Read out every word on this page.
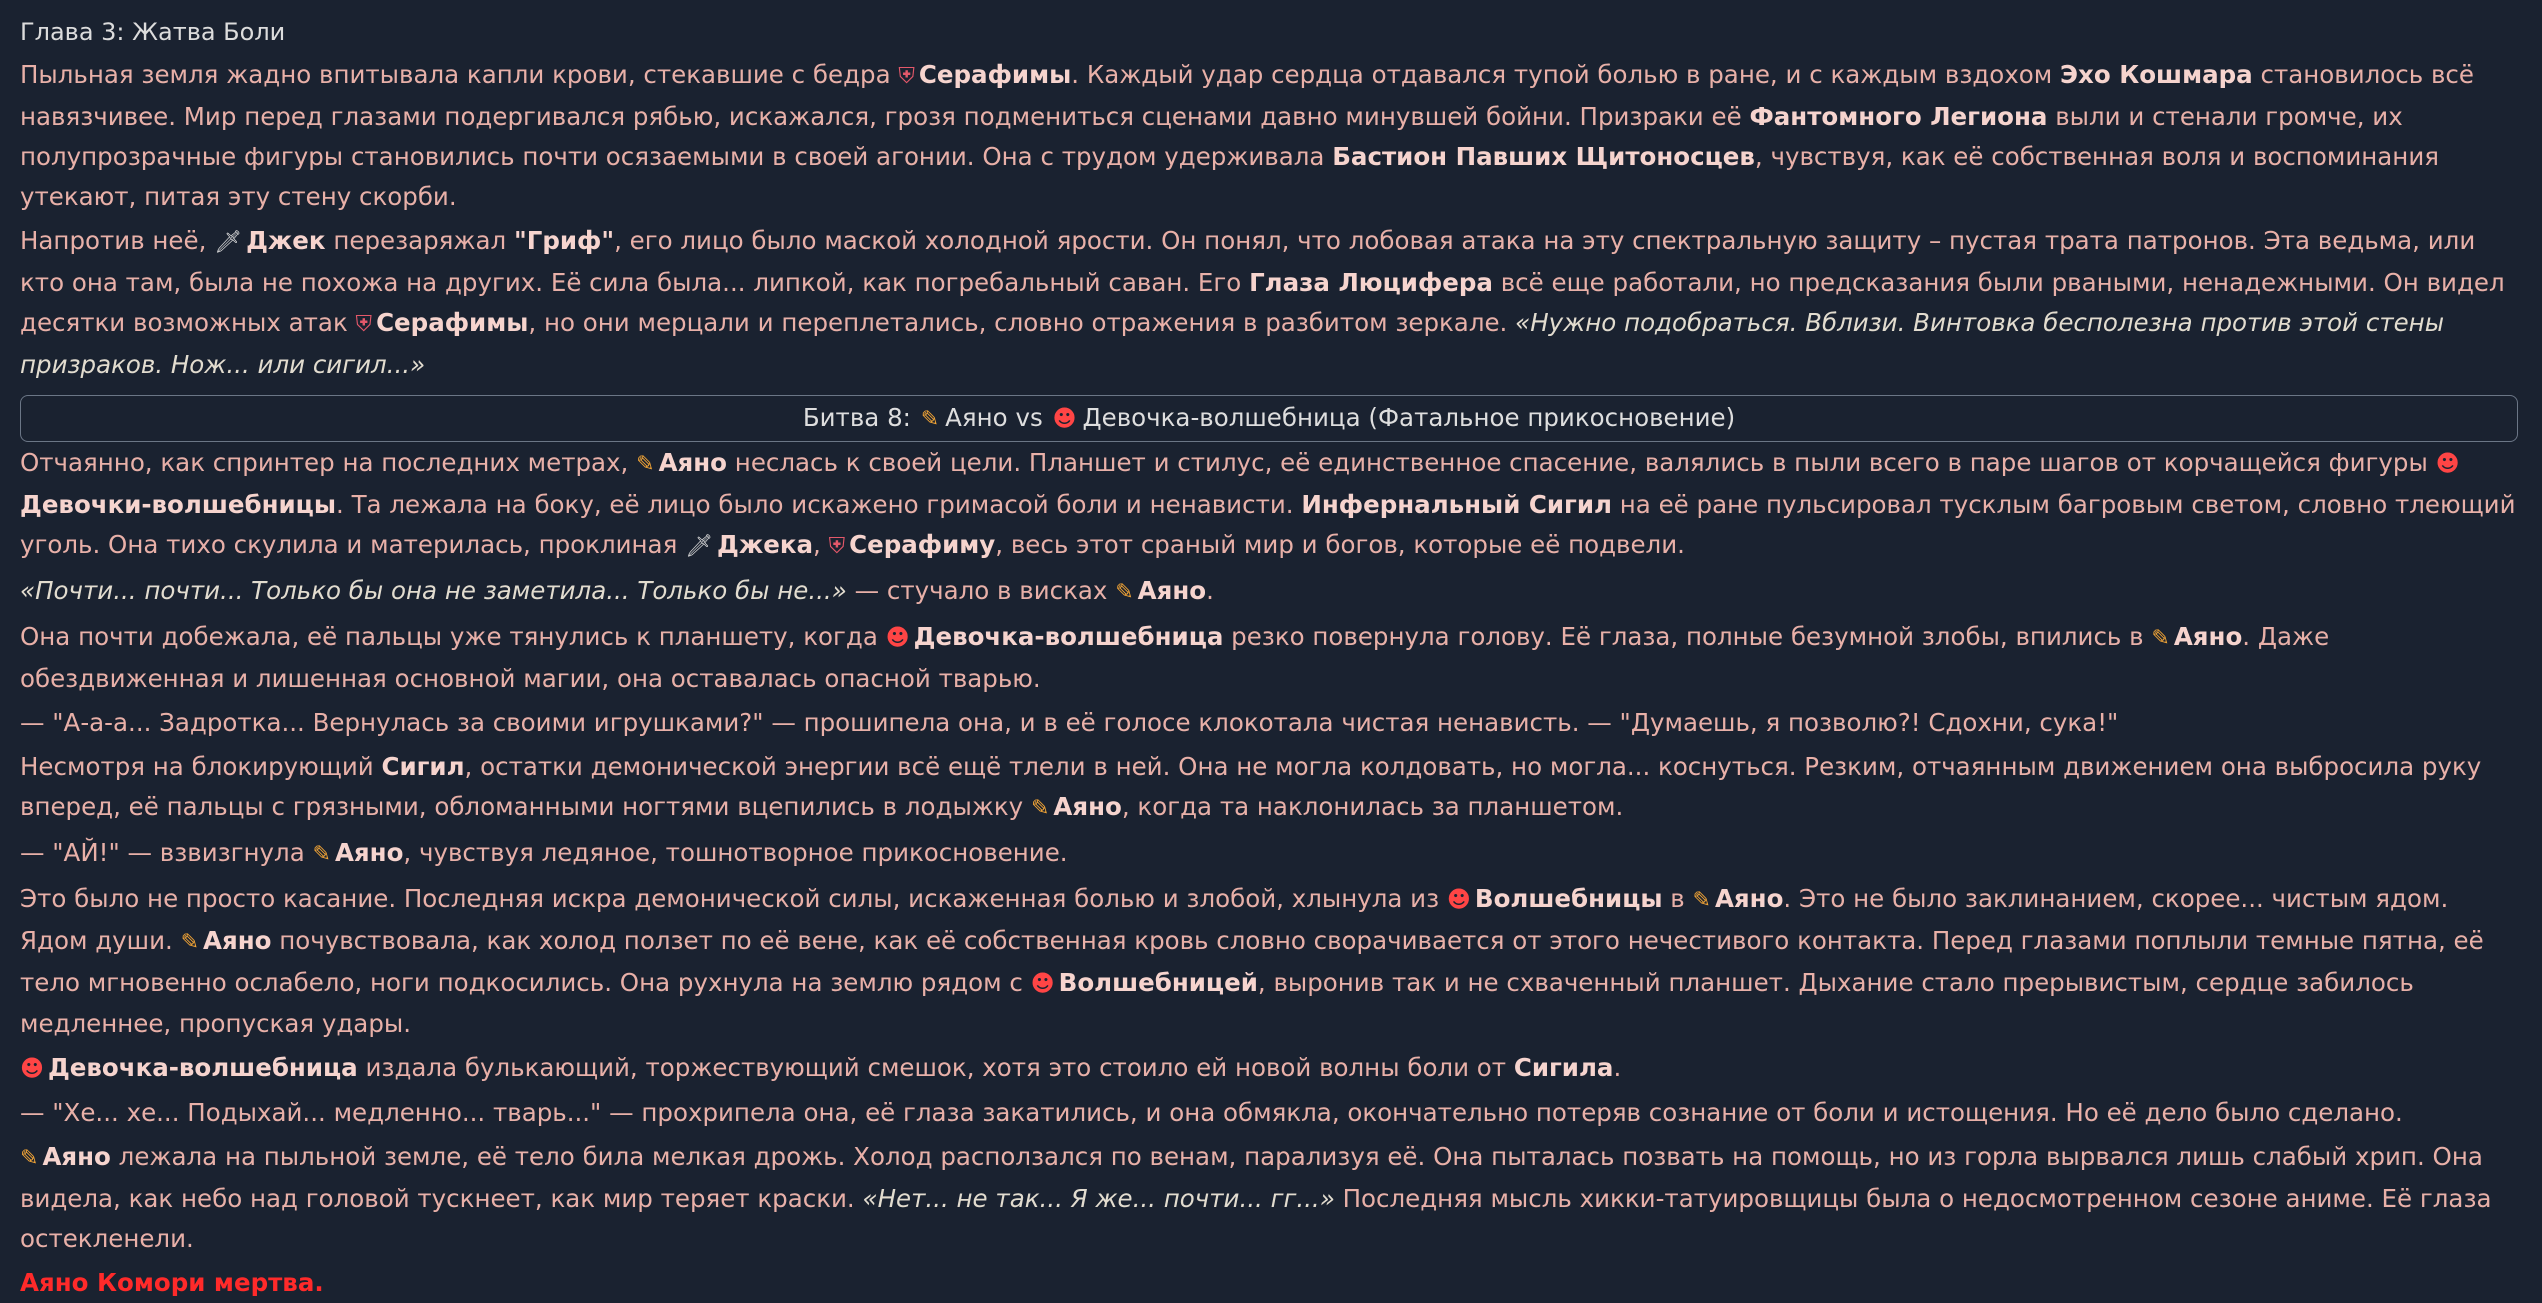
Глава 3: Жатва Боли

Пыльная земля жадно впитывала капли крови, стекавшие с бедра ⛨ Серафимы. Каждый удар сердца отдавался тупой болью в ране, и с каждым вздохом Эхо Кошмара становилось всё навязчивее. Мир перед глазами подергивался рябью, искажался, грозя подмениться сценами давно минувшей бойни. Призраки её Фантомного Легиона выли и стенали громче, их полупрозрачные фигуры становились почти осязаемыми в своей агонии. Она с трудом удерживала Бастион Павших Щитоносцев, чувствуя, как её собственная воля и воспоминания утекают, питая эту стену скорби.

Напротив неё, 🗡 Джек перезаряжал "Гриф", его лицо было маской холодной ярости. Он понял, что лобовая атака на эту спектральную защиту – пустая трата патронов. Эта ведьма, или кто она там, была не похожа на других. Её сила была... липкой, как погребальный саван. Его Глаза Люцифера всё еще работали, но предсказания были рваными, ненадежными. Он видел десятки возможных атак ⛨ Серафимы, но они мерцали и переплетались, словно отражения в разбитом зеркале. «Нужно подобраться. Вблизи. Винтовка бесполезна против этой стены призраков. Нож... или сигил...»

Битва 8: ✎ Аяно vs ☻ Девочка-волшебница (Фатальное прикосновение)

Отчаянно, как спринтер на последних метрах, ✎ Аяно неслась к своей цели. Планшет и стилус, её единственное спасение, валялись в пыли всего в паре шагов от корчащейся фигуры ☻Девочки-волшебницы. Та лежала на боку, её лицо было искажено гримасой боли и ненависти. Инфернальный Сигил на её ране пульсировал тусклым багровым светом, словно тлеющий уголь. Она тихо скулила и материлась, проклиная 🗡 Джека, ⛨ Серафиму, весь этот сраный мир и богов, которые её подвели.

«Почти... почти... Только бы она не заметила... Только бы не...» — стучало в висках ✎ Аяно.

Она почти добежала, её пальцы уже тянулись к планшету, когда ☻ Девочка-волшебница резко повернула голову. Её глаза, полные безумной злобы, впились в ✎ Аяно. Даже обездвиженная и лишенная основной магии, она оставалась опасной тварью.

— "А-а-а... Задротка... Вернулась за своими игрушками?" — прошипела она, и в её голосе клокотала чистая ненависть. — "Думаешь, я позволю?! Сдохни, сука!"

Несмотря на блокирующий Сигил, остатки демонической энергии всё ещё тлели в ней. Она не могла колдовать, но могла... коснуться. Резким, отчаянным движением она выбросила руку вперед, её пальцы с грязными, обломанными ногтями вцепились в лодыжку ✎ Аяно, когда та наклонилась за планшетом.

— "АЙ!" — взвизгнула ✎ Аяно, чувствуя ледяное, тошнотворное прикосновение.

Это было не просто касание. Последняя искра демонической силы, искаженная болью и злобой, хлынула из ☻ Волшебницы в ✎ Аяно. Это не было заклинанием, скорее... чистым ядом. Ядом души. ✎ Аяно почувствовала, как холод ползет по её вене, как её собственная кровь словно сворачивается от этого нечестивого контакта. Перед глазами поплыли темные пятна, её тело мгновенно ослабело, ноги подкосились. Она рухнула на землю рядом с ☻ Волшебницей, выронив так и не схваченный планшет. Дыхание стало прерывистым, сердце забилось медленнее, пропуская удары.

☻ Девочка-волшебница издала булькающий, торжествующий смешок, хотя это стоило ей новой волны боли от Сигила.

— "Хе... хе... Подыхай... медленно... тварь..." — прохрипела она, её глаза закатились, и она обмякла, окончательно потеряв сознание от боли и истощения. Но её дело было сделано.

✎ Аяно лежала на пыльной земле, её тело била мелкая дрожь. Холод расползался по венам, парализуя её. Она пыталась позвать на помощь, но из горла вырвался лишь слабый хрип. Она видела, как небо над головой тускнеет, как мир теряет краски. «Нет... не так... Я же... почти... гг...» Последняя мысль хикки-татуировщицы была о недосмотренном сезоне аниме. Её глаза остекленели.

Аяно Комори мертва.
